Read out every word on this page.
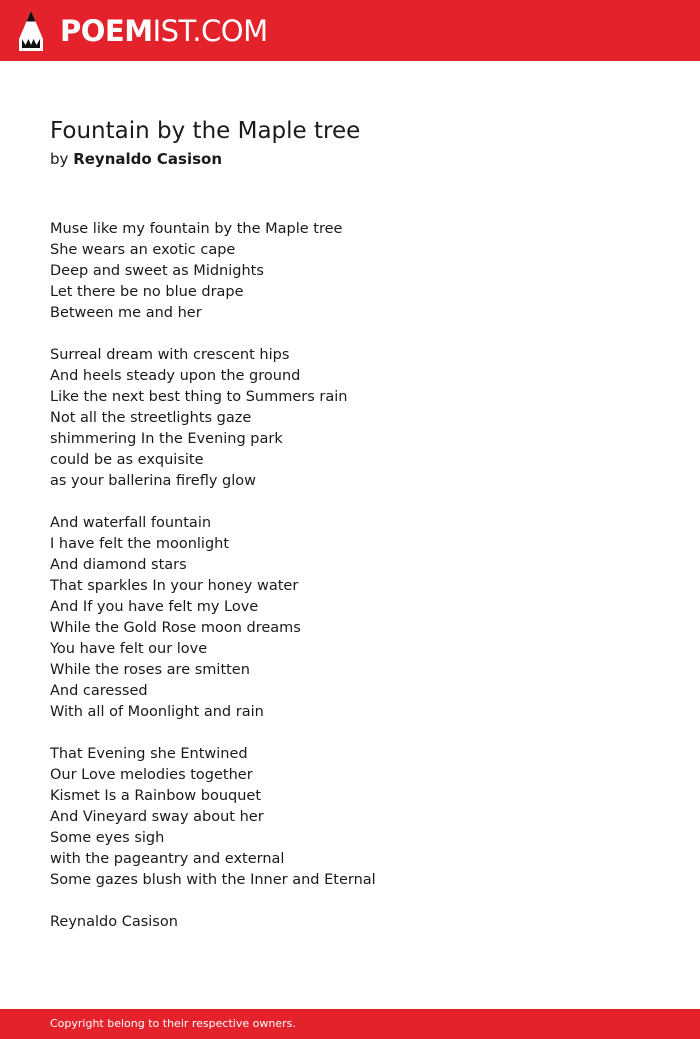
POEMIST.COM
Fountain by the Maple tree
by Reynaldo Casison
Muse like my fountain by the Maple tree
She wears an exotic cape
Deep and sweet as Midnights
Let there be no blue drape
Between me and her
Surreal dream with crescent hips
And heels steady upon the ground
Like the next best thing to Summers rain
Not all the streetlights gaze
shimmering In the Evening park
could be as exquisite
as your ballerina firefly glow
And waterfall fountain
I have felt the moonlight
And diamond stars
That sparkles In your honey water
And If you have felt my Love
While the Gold Rose moon dreams
You have felt our love
While the roses are smitten
And caressed
With all of Moonlight and rain
That Evening she Entwined
Our Love melodies together
Kismet Is a Rainbow bouquet
And Vineyard sway about her
Some eyes sigh
with the pageantry and external
Some gazes blush with the Inner and Eternal
Reynaldo Casison
Copyright belong to their respective owners.
